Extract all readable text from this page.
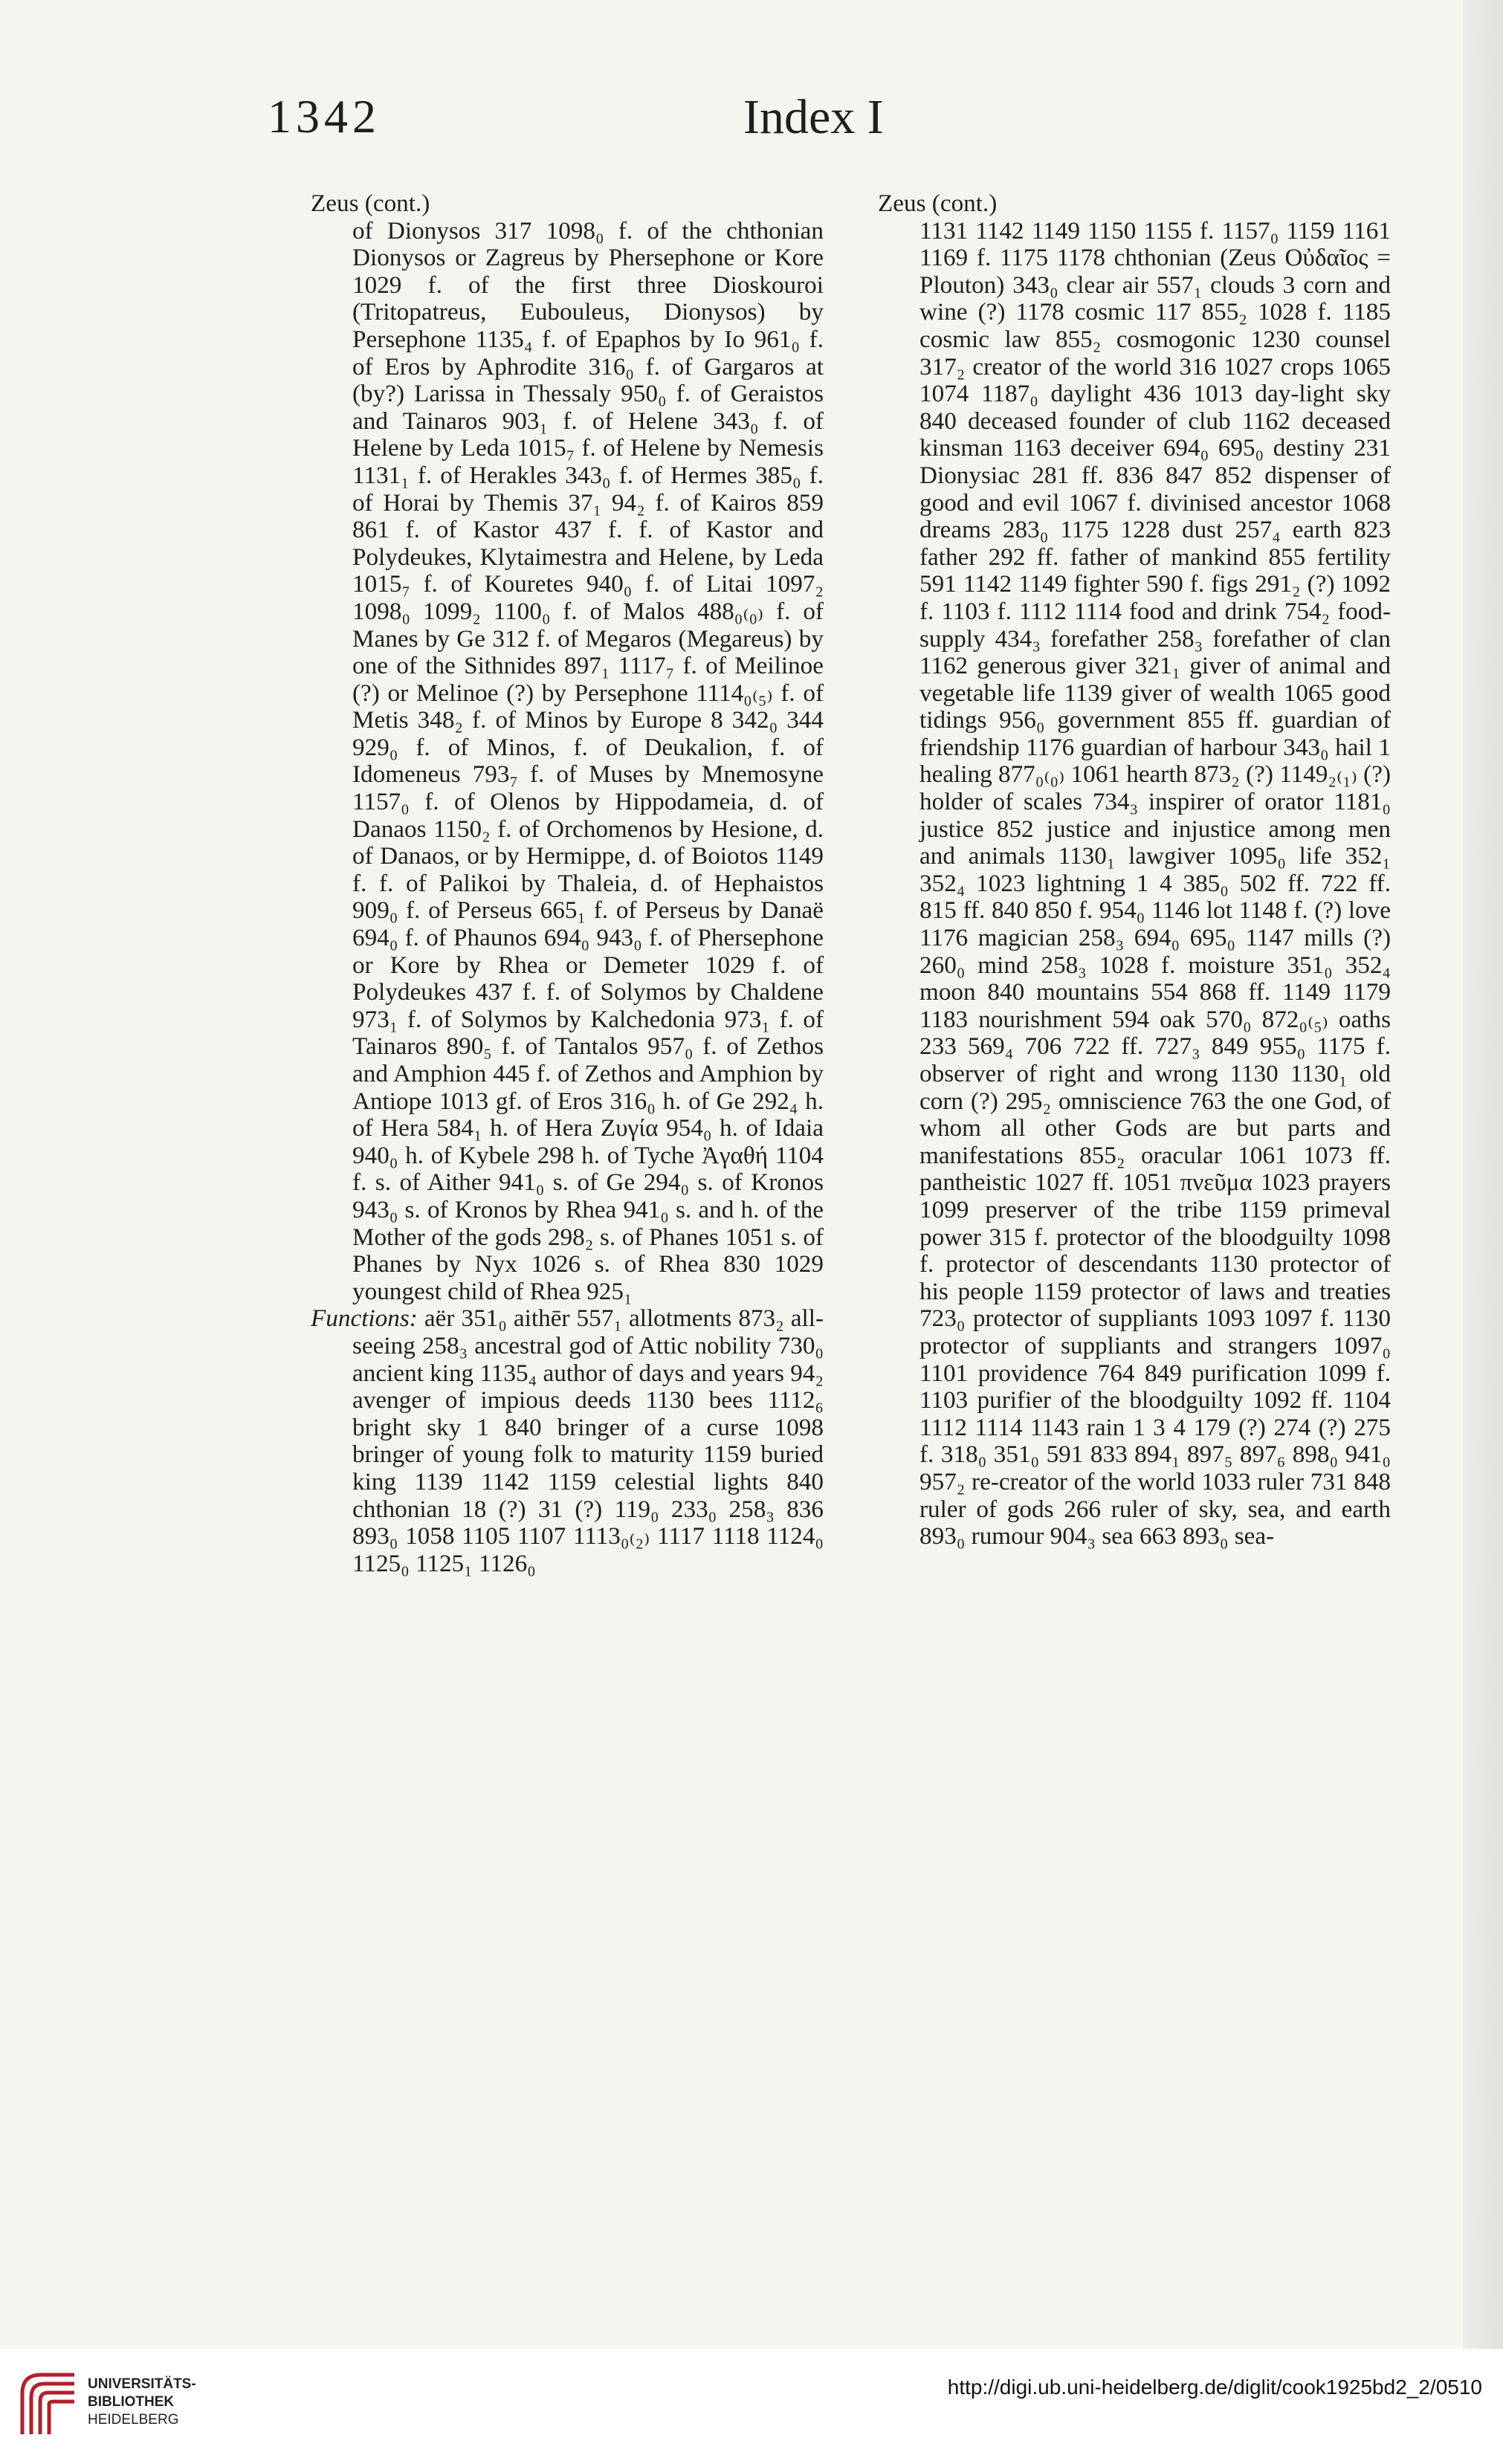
1342	Index I

Zeus (cont.)

of Dionysos 317 1098₀ f. of the chthonian Dionysos or Zagreus by Phersephone or Kore 1029 f. of the first three Dioskouroi (Tritopatreus, Eubouleus, Dionysos) by Persephone 1135₄ f. of Epaphos by Io 961₀ f. of Eros by Aphrodite 316₀ f. of Gargaros at (by?) Larissa in Thessaly 950₀ f. of Geraistos and Tainaros 903₁ f. of Helene 343₀ f. of Helene by Leda 1015₇ f. of Helene by Nemesis 1131₁ f. of Herakles 343₀ f. of Hermes 385₀ f. of Horai by Themis 37₁ 94₂ f. of Kairos 859 861 f. of Kastor 437 f. f. of Kastor and Polydeukes, Klytaimestra and Helene, by Leda 1015₇ f. of Kouretes 940₀ f. of Litai 1097₂ 1098₀ 1099₂ 1100₀ f. of Malos 488₀₍₀₎ f. of Manes by Ge 312 f. of Megaros (Megareus) by one of the Sithnides 897₁ 1117₇ f. of Meilinoe (?) or Melinoe (?) by Persephone 1114₀₍₅₎ f. of Metis 348₂ f. of Minos by Europe 8 342₀ 344 929₀ f. of Minos, f. of Deukalion, f. of Idomeneus 793₇ f. of Muses by Mnemosyne 1157₀ f. of Olenos by Hippodameia, d. of Danaos 1150₂ f. of Orchomenos by Hesione, d. of Danaos, or by Hermippe, d. of Boiotos 1149 f. f. of Palikoi by Thaleia, d. of Hephaistos 909₀ f. of Perseus 665₁ f. of Perseus by Danaë 694₀ f. of Phaunos 694₀ 943₀ f. of Phersephone or Kore by Rhea or Demeter 1029 f. of Polydeukes 437 f. f. of Solymos by Chaldene 973₁ f. of Solymos by Kalchedonia 973₁ f. of Tainaros 890₅ f. of Tantalos 957₀ f. of Zethos and Amphion 445 f. of Zethos and Amphion by Antiope 1013 gf. of Eros 316₀ h. of Ge 292₄ h. of Hera 584₁ h. of Hera Ζυγία 954₀ h. of Idaia 940₀ h. of Kybele 298 h. of Tyche Ἀγαθή 1104 f. s. of Aither 941₀ s. of Ge 294₀ s. of Kronos 943₀ s. of Kronos by Rhea 941₀ s. and h. of the Mother of the gods 298₂ s. of Phanes 1051 s. of Phanes by Nyx 1026 s. of Rhea 830 1029 youngest child of Rhea 925₁

Functions: aër 351₀ aithēr 557₁ allotments 873₂ all-seeing 258₃ ancestral god of Attic nobility 730₀ ancient king 1135₄ author of days and years 94₂ avenger of impious deeds 1130 bees 1112₆ bright sky 1 840 bringer of a curse 1098 bringer of young folk to maturity 1159 buried king 1139 1142 1159 celestial lights 840 chthonian 18 (?) 31 (?) 119₀ 233₀ 258₃ 836 893₀ 1058 1105 1107 1113₀₍₂₎ 1117 1118 1124₀ 1125₀ 1125₁ 1126₀

Zeus (cont.)

1131 1142 1149 1150 1155 f. 1157₀ 1159 1161 1169 f. 1175 1178 chthonian (Zeus Οὐδαῖος = Plouton) 343₀ clear air 557₁ clouds 3 corn and wine (?) 1178 cosmic 117 855₂ 1028 f. 1185 cosmic law 855₂ cosmogonic 1230 counsel 317₂ creator of the world 316 1027 crops 1065 1074 1187₀ daylight 436 1013 day-light sky 840 deceased founder of club 1162 deceased kinsman 1163 deceiver 694₀ 695₀ destiny 231 Dionysiac 281 ff. 836 847 852 dispenser of good and evil 1067 f. divinised ancestor 1068 dreams 283₀ 1175 1228 dust 257₄ earth 823 father 292 ff. father of mankind 855 fertility 591 1142 1149 fighter 590 f. figs 291₂ (?) 1092 f. 1103 f. 1112 1114 food and drink 754₂ food-supply 434₃ forefather 258₃ forefather of clan 1162 generous giver 321₁ giver of animal and vegetable life 1139 giver of wealth 1065 good tidings 956₀ government 855 ff. guardian of friendship 1176 guardian of harbour 343₀ hail 1 healing 877₀₍₀₎ 1061 hearth 873₂ (?) 1149₂₍₁₎ (?) holder of scales 734₃ inspirer of orator 1181₀ justice 852 justice and injustice among men and animals 1130₁ lawgiver 1095₀ life 352₁ 352₄ 1023 lightning 1 4 385₀ 502 ff. 722 ff. 815 ff. 840 850 f. 954₀ 1146 lot 1148 f. (?) love 1176 magician 258₃ 694₀ 695₀ 1147 mills (?) 260₀ mind 258₃ 1028 f. moisture 351₀ 352₄ moon 840 mountains 554 868 ff. 1149 1179 1183 nourishment 594 oak 570₀ 872₀₍₅₎ oaths 233 569₄ 706 722 ff. 727₃ 849 955₀ 1175 f. observer of right and wrong 1130 1130₁ old corn (?) 295₂ omniscience 763 the one God, of whom all other Gods are but parts and manifestations 855₂ oracular 1061 1073 ff. pantheistic 1027 ff. 1051 πνεῦμα 1023 prayers 1099 preserver of the tribe 1159 primeval power 315 f. protector of the bloodguilty 1098 f. protector of descendants 1130 protector of his people 1159 protector of laws and treaties 723₀ protector of suppliants 1093 1097 f. 1130 protector of suppliants and strangers 1097₀ 1101 providence 764 849 purification 1099 f. 1103 purifier of the bloodguilty 1092 ff. 1104 1112 1114 1143 rain 1 3 4 179 (?) 274 (?) 275 f. 318₀ 351₀ 591 833 894₁ 897₅ 897₆ 898₀ 941₀ 957₂ re-creator of the world 1033 ruler 731 848 ruler of gods 266 ruler of sky, sea, and earth 893₀ rumour 904₃ sea 663 893₀ sea-

UNIVERSITÄTS-
BIBLIOTHEK
HEIDELBERG
http://digi.ub.uni-heidelberg.de/diglit/cook1925bd2_2/0510
